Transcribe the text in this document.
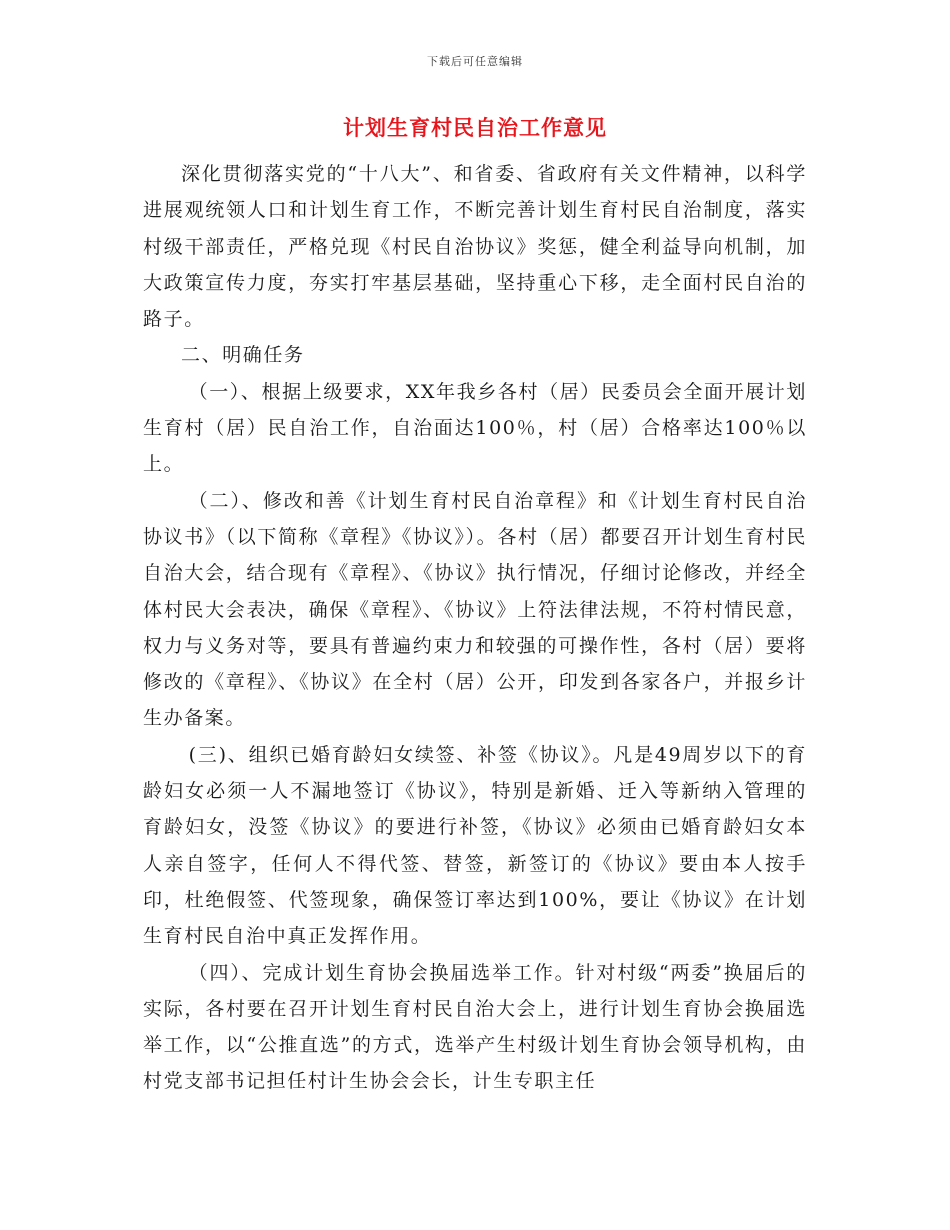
下载后可任意编辑
计划生育村民自治工作意见

深化贯彻落实党的“十八大”、和省委、省政府有关文件精神，以科学进展观统领人口和计划生育工作，不断完善计划生育村民自治制度，落实村级干部责任，严格兑现《村民自治协议》奖惩，健全利益导向机制，加大政策宣传力度，夯实打牢基层基础，坚持重心下移，走全面村民自治的路子。

二、明确任务

（一）、根据上级要求，XX年我乡各村（居）民委员会全面开展计划生育村（居）民自治工作，自治面达100％，村（居）合格率达100％以上。

（二）、修改和善《计划生育村民自治章程》和《计划生育村民自治协议书》（以下简称《章程》《协议》）。各村（居）都要召开计划生育村民自治大会，结合现有《章程》、《协议》执行情况，仔细讨论修改，并经全体村民大会表决，确保《章程》、《协议》上符法律法规，不符村情民意，权力与义务对等，要具有普遍约束力和较强的可操作性，各村（居）要将修改的《章程》、《协议》在全村（居）公开，印发到各家各户，并报乡计生办备案。

(三)、组织已婚育龄妇女续签、补签《协议》。凡是49周岁以下的育龄妇女必须一人不漏地签订《协议》，特别是新婚、迁入等新纳入管理的育龄妇女，没签《协议》的要进行补签，《协议》必须由已婚育龄妇女本人亲自签字，任何人不得代签、替签，新签订的《协议》要由本人按手印，杜绝假签、代签现象，确保签订率达到100%，要让《协议》在计划生育村民自治中真正发挥作用。

（四）、完成计划生育协会换届选举工作。针对村级“两委”换届后的实际，各村要在召开计划生育村民自治大会上，进行计划生育协会换届选举工作，以“公推直选”的方式，选举产生村级计划生育协会领导机构，由村党支部书记担任村计生协会会长，计生专职主任
